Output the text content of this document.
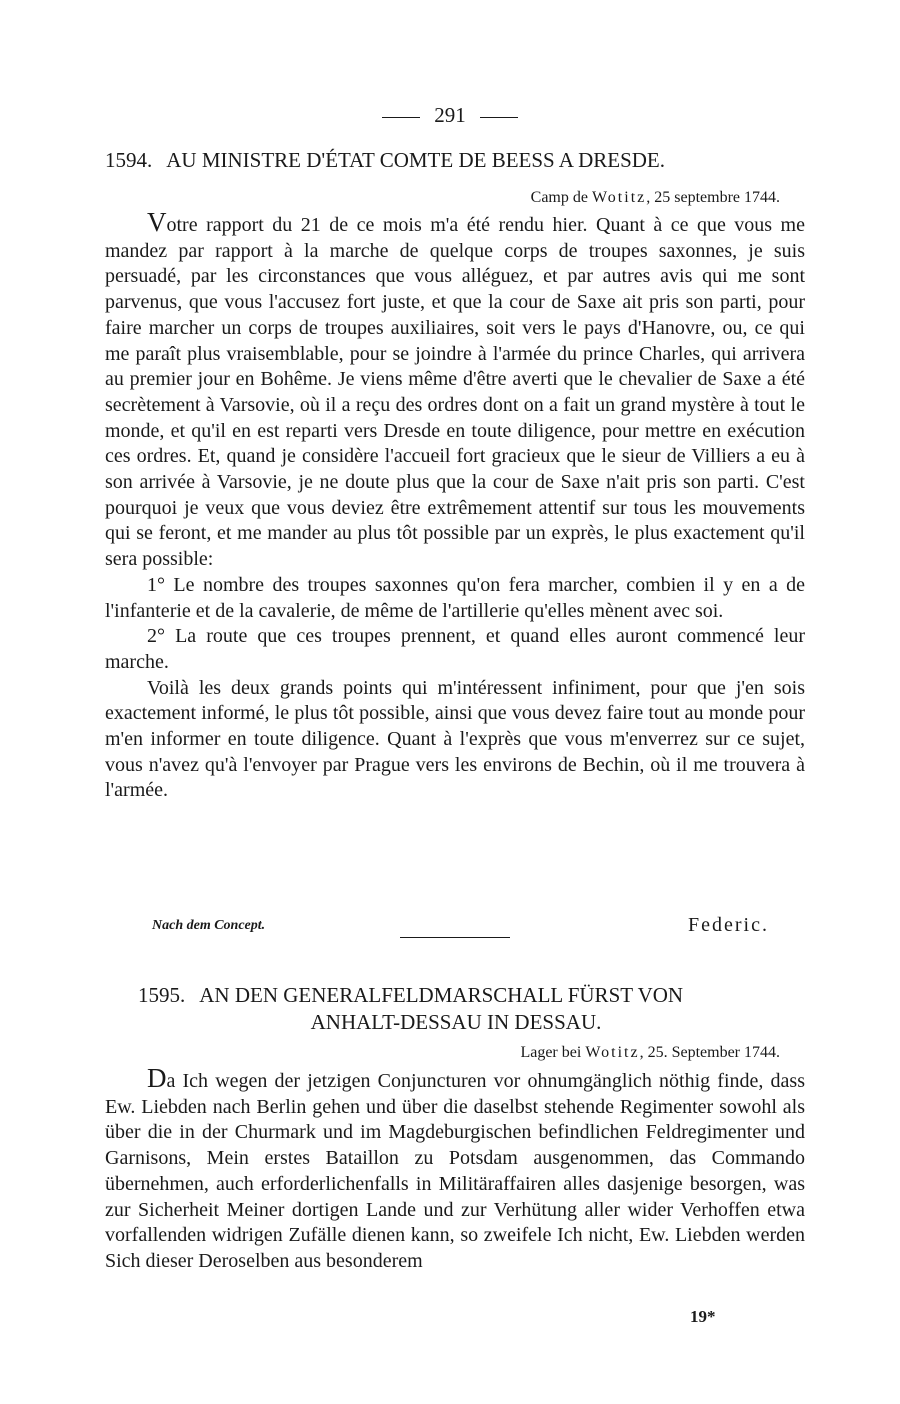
291
1594. AU MINISTRE D'ÉTAT COMTE DE BEESS A DRESDE.
Camp de Wotitz, 25 septembre 1744.

Votre rapport du 21 de ce mois m'a été rendu hier. Quant à ce que vous me mandez par rapport à la marche de quelque corps de troupes saxonnes, je suis persuadé, par les circonstances que vous alléguez, et par autres avis qui me sont parvenus, que vous l'accusez fort juste, et que la cour de Saxe ait pris son parti, pour faire marcher un corps de troupes auxiliaires, soit vers le pays d'Hanovre, ou, ce qui me paraît plus vraisemblable, pour se joindre à l'armée du prince Charles, qui arrivera au premier jour en Bohême. Je viens même d'être averti que le chevalier de Saxe a été secrètement à Varsovie, où il a reçu des ordres dont on a fait un grand mystère à tout le monde, et qu'il en est reparti vers Dresde en toute diligence, pour mettre en exécution ces ordres. Et, quand je considère l'accueil fort gracieux que le sieur de Villiers a eu à son arrivée à Varsovie, je ne doute plus que la cour de Saxe n'ait pris son parti. C'est pourquoi je veux que vous deviez être extrêmement attentif sur tous les mouvements qui se feront, et me mander au plus tôt possible par un exprès, le plus exactement qu'il sera possible:

1° Le nombre des troupes saxonnes qu'on fera marcher, combien il y en a de l'infanterie et de la cavalerie, de même de l'artillerie qu'elles mènent avec soi.

2° La route que ces troupes prennent, et quand elles auront commencé leur marche.

Voilà les deux grands points qui m'intéressent infiniment, pour que j'en sois exactement informé, le plus tôt possible, ainsi que vous devez faire tout au monde pour m'en informer en toute diligence. Quant à l'exprès que vous m'enverrez sur ce sujet, vous n'avez qu'à l'envoyer par Prague vers les environs de Bechin, où il me trouvera à l'armée.

Nach dem Concept.	Federic.
1595. AN DEN GENERALFELDMARSCHALL FÜRST VON
ANHALT-DESSAU IN DESSAU.
Lager bei Wotitz, 25. September 1744.

Da Ich wegen der jetzigen Conjuncturen vor ohnumgänglich nöthig finde, dass Ew. Liebden nach Berlin gehen und über die daselbst stehende Regimenter sowohl als über die in der Churmark und im Magdeburgischen befindlichen Feldregimenter und Garnisons, Mein erstes Bataillon zu Potsdam ausgenommen, das Commando übernehmen, auch erforderlichenfalls in Militäraffairen alles dasjenige besorgen, was zur Sicherheit Meiner dortigen Lande und zur Verhütung aller wider Verhoffen etwa vorfallenden widrigen Zufälle dienen kann, so zweifele Ich nicht, Ew. Liebden werden Sich dieser Deroselben aus besonderem

19*
